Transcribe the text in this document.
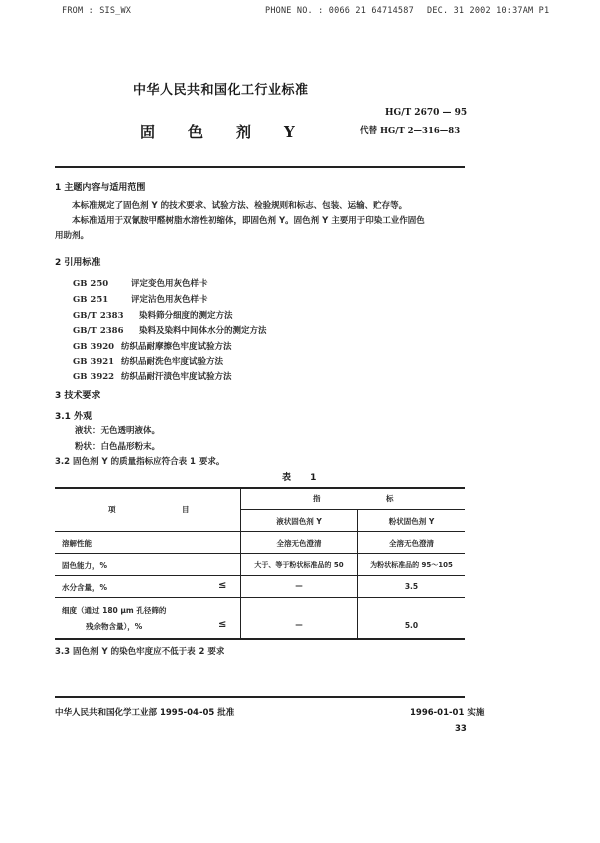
FROM : SIS_WX	PHONE NO. : 0066 21 64714587 DEC. 31 2002 10:37AM P1
中华人民共和国化工行业标准
HG/T 2670 — 95
代替 HG/T 2—316—83
固 色 剂 Y
1 主题内容与适用范围
本标准规定了固色剂 Y 的技术要求、试验方法、检验规则和标志、包装、运输、贮存等。
本标准适用于双氰胺甲醛树脂水溶性初缩体，即固色剂 Y。固色剂 Y 主要用于印染工业作固色
用助剂。
2 引用标准
GB 250	评定变色用灰色样卡
GB 251	评定沾色用灰色样卡
GB/T 2383 染料筛分细度的测定方法
GB/T 2386 染料及染料中间体水分的测定方法
GB 3920 纺织品耐摩擦色牢度试验方法
GB 3921 纺织品耐洗色牢度试验方法
GB 3922 纺织品耐汗渍色牢度试验方法
3 技术要求
3.1 外观
液状：无色透明液体。
粉状：白色晶形粉末。
3.2 固色剂 Y 的质量指标应符合表 1 要求。
表 1
项	目
指	标
液状固色剂 Y	粉状固色剂 Y
溶解性能	全溶无色澄清	全溶无色澄清
固色能力，%	大于、等于粉状标准品的 50	为粉状标准品的 95～105
水分含量，%	≤	—	3.5
细度（通过 180 μm 孔径筛的
残余物含量），%	≤	—	5.0
3.3 固色剂 Y 的染色牢度应不低于表 2 要求
中华人民共和国化学工业部 1995-04-05 批准	1996-01-01 实施
33
